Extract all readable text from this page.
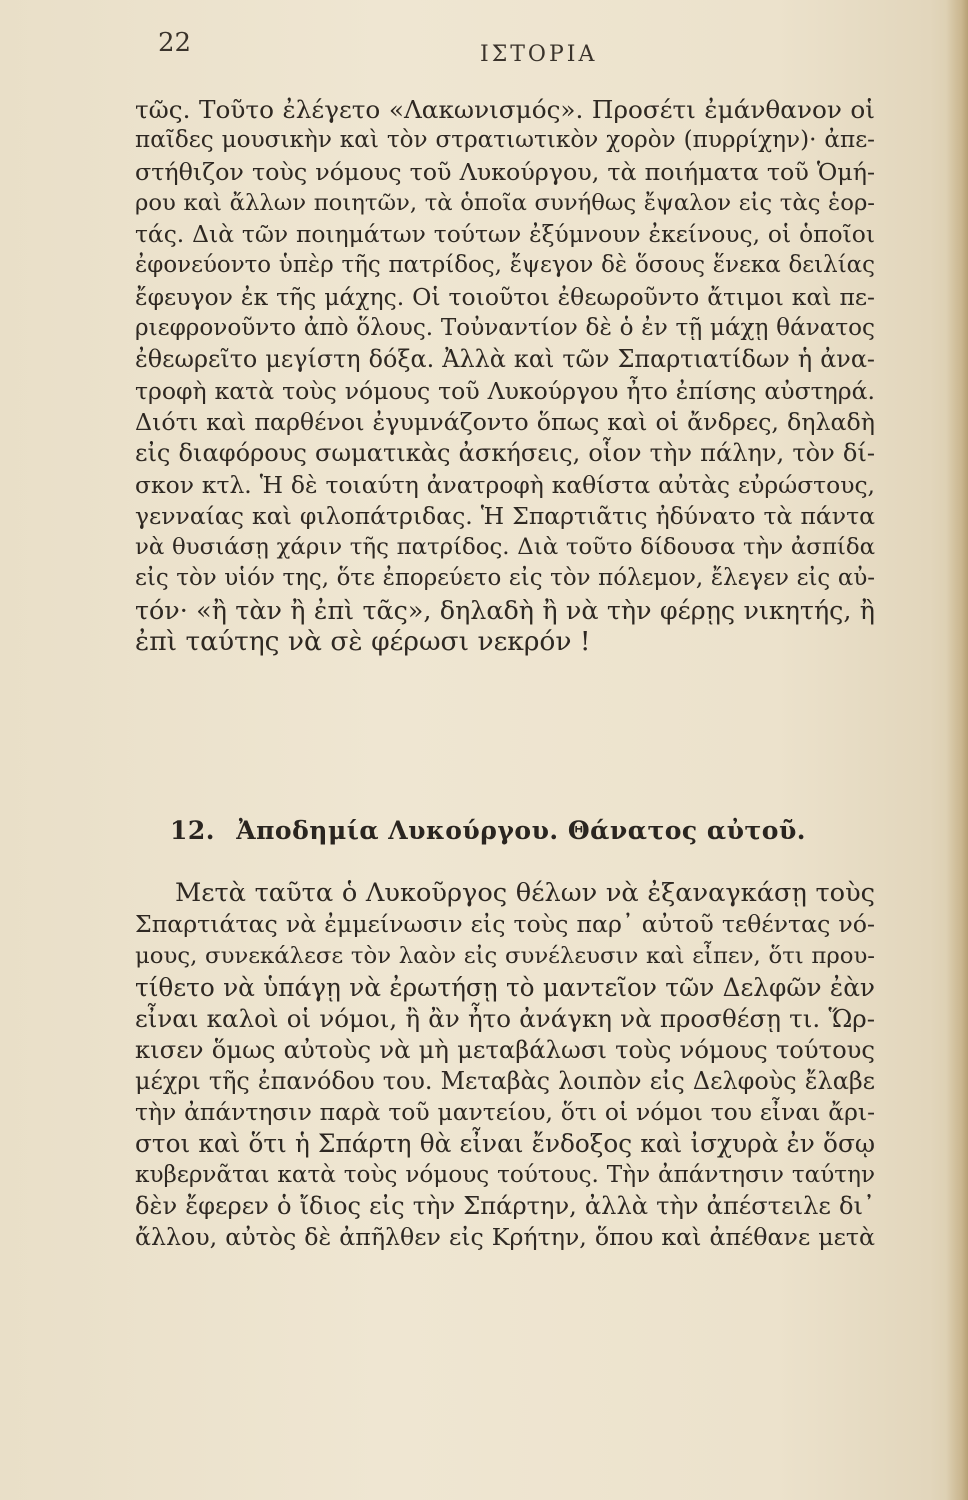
22	ΙΣΤΟΡΙΑ
τῶς. Τοῦτο ἐλέγετο «Λακωνισμός». Προσέτι ἐμάνθανον οἱ
παῖδες μουσικὴν καὶ τὸν στρατιωτικὸν χορὸν (πυρρίχην)· ἀπε-
στήθιζον τοὺς νόμους τοῦ Λυκούργου, τὰ ποιήματα τοῦ Ὁμή-
ρου καὶ ἄλλων ποιητῶν, τὰ ὁποῖα συνήθως ἔψαλον εἰς τὰς ἑορ-
τάς. Διὰ τῶν ποιημάτων τούτων ἐξύμνουν ἐκείνους, οἱ ὁποῖοι
ἐφονεύοντο ὑπὲρ τῆς πατρίδος, ἔψεγον δὲ ὅσους ἕνεκα δειλίας
ἔφευγον ἐκ τῆς μάχης. Οἱ τοιοῦτοι ἐθεωροῦντο ἄτιμοι καὶ πε-
ριεφρονοῦντο ἀπὸ ὅλους. Τοὐναντίον δὲ ὁ ἐν τῇ μάχῃ θάνατος
ἐθεωρεῖτο μεγίστη δόξα. Ἀλλὰ καὶ τῶν Σπαρτιατίδων ἡ ἀνα-
τροφὴ κατὰ τοὺς νόμους τοῦ Λυκούργου ἦτο ἐπίσης αὐστηρά.
Διότι καὶ παρθένοι ἐγυμνάζοντο ὅπως καὶ οἱ ἄνδρες, δηλαδὴ
εἰς διαφόρους σωματικὰς ἀσκήσεις, οἷον τὴν πάλην, τὸν δί-
σκον κτλ. Ἡ δὲ τοιαύτη ἀνατροφὴ καθίστα αὐτὰς εὐρώστους,
γενναίας καὶ φιλοπάτριδας. Ἡ Σπαρτιᾶτις ἠδύνατο τὰ πάντα
νὰ θυσιάσῃ χάριν τῆς πατρίδος. Διὰ τοῦτο δίδουσα τὴν ἀσπίδα
εἰς τὸν υἱόν της, ὅτε ἐπορεύετο εἰς τὸν πόλεμον, ἔλεγεν εἰς αὐ-
τόν· «ἢ τὰν ἢ ἐπὶ τᾶς», δηλαδὴ ἢ νὰ τὴν φέρῃς νικητής, ἢ
ἐπὶ ταύτης νὰ σὲ φέρωσι νεκρόν !
12. Ἀποδημία Λυκούργου. Θάνατος αὐτοῦ.
Μετὰ ταῦτα ὁ Λυκοῦργος θέλων νὰ ἐξαναγκάσῃ τοὺς
Σπαρτιάτας νὰ ἐμμείνωσιν εἰς τοὺς παρ᾿ αὐτοῦ τεθέντας νό-
μους, συνεκάλεσε τὸν λαὸν εἰς συνέλευσιν καὶ εἶπεν, ὅτι πρου-
τίθετο νὰ ὑπάγῃ νὰ ἐρωτήσῃ τὸ μαντεῖον τῶν Δελφῶν ἐὰν
εἶναι καλοὶ οἱ νόμοι, ἢ ἂν ἦτο ἀνάγκη νὰ προσθέσῃ τι. Ὥρ-
κισεν ὅμως αὐτοὺς νὰ μὴ μεταβάλωσι τοὺς νόμους τούτους
μέχρι τῆς ἐπανόδου του. Μεταβὰς λοιπὸν εἰς Δελφοὺς ἔλαβε
τὴν ἀπάντησιν παρὰ τοῦ μαντείου, ὅτι οἱ νόμοι του εἶναι ἄρι-
στοι καὶ ὅτι ἡ Σπάρτη θὰ εἶναι ἔνδοξος καὶ ἰσχυρὰ ἐν ὅσῳ
κυβερνᾶται κατὰ τοὺς νόμους τούτους. Τὴν ἀπάντησιν ταύτην
δὲν ἔφερεν ὁ ἴδιος εἰς τὴν Σπάρτην, ἀλλὰ τὴν ἀπέστειλε δι᾿
ἄλλου, αὐτὸς δὲ ἀπῆλθεν εἰς Κρήτην, ὅπου καὶ ἀπέθανε μετὰ
